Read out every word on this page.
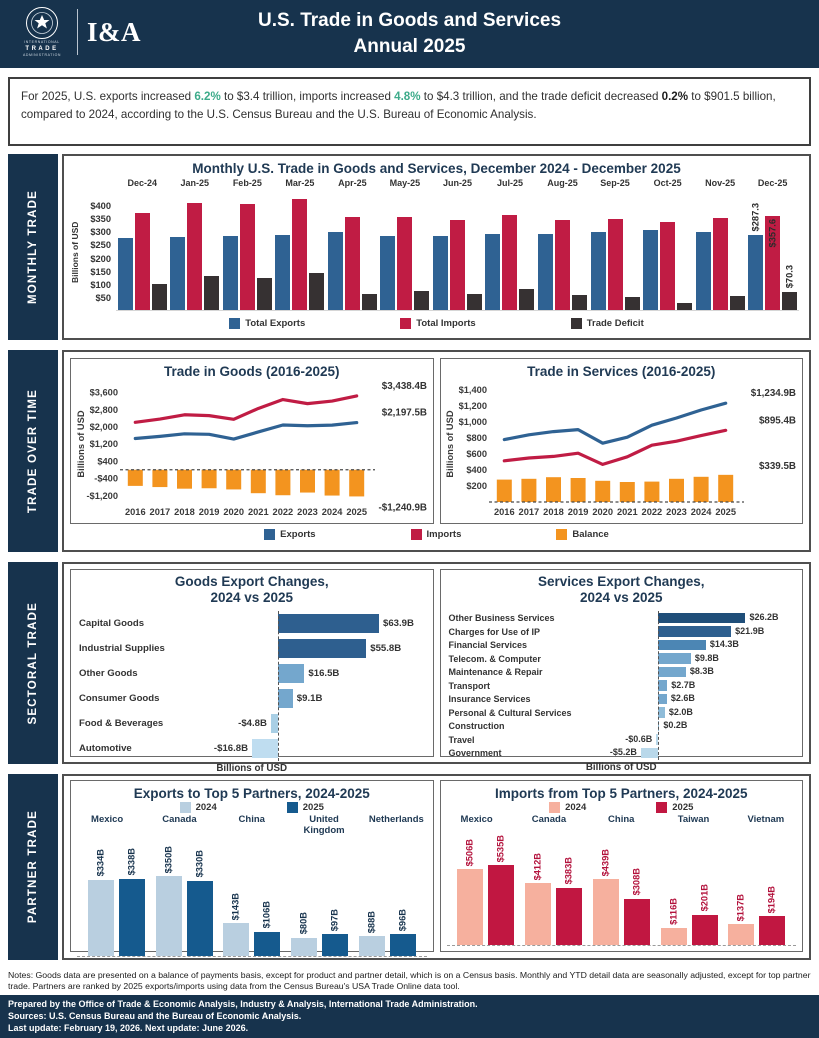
INTERNATIONAL
TRADE
ADMINISTRATION
I&A	U.S. Trade in Goods and Services
Annual 2025
For 2025, U.S. exports increased 6.2% to $3.4 trillion, imports increased 4.8% to $4.3 trillion, and the trade deficit decreased 0.2% to $901.5 billion, compared to 2024, according to the U.S. Census Bureau and the U.S. Bureau of Economic Analysis.
MONTHLY TRADE
Monthly U.S. Trade in Goods and Services, December 2024 - December 2025
Billions of USD
$400
$350
$300
$250
$200
$150
$100
$50
Dec-24	Jan-25	Feb-25	Mar-25	Apr-25	May-25	Jun-25	Jul-25	Aug-25	Sep-25	Oct-25	Nov-25	Dec-25
$287.3
$357.6
$70.3
Total Exports	Total Imports	Trade Deficit
TRADE OVER TIME
Trade in Goods (2016-2025)
$3,600
$2,800
$2,000
$1,200
$400
-$400
-$1,200
2016 2017 2018 2019 2020 2021 2022 2023 2024 2025
Billions of USD
$3,438.4B
$2,197.5B
-$1,240.9B
Trade in Services (2016-2025)
$1,400
$1,200
$1,000
$800
$600
$400
$200
2016 2017 2018 2019 2020 2021 2022 2023 2024 2025
Billions of USD	$895.4B
$1,234.9B
$339.5B
Exports	Imports	Balance
SECTORAL TRADE
Goods Export Changes,
2024 vs 2025
Capital Goods	$63.9B
Industrial Supplies	$55.8B
Other Goods	$16.5B
Consumer Goods	$9.1B
Food & Beverages	-$4.8B
Automotive	-$16.8B
Billions of USD
Services Export Changes,
2024 vs 2025
Other Business Services	$26.2B
Charges for Use of IP	$21.9B
Financial Services	$14.3B
Telecom. & Computer	$9.8B
Maintenance & Repair	$8.3B
Transport	$2.7B
Insurance Services	$2.6B
Personal & Cultural Services	$2.0B
Construction	$0.2B
Travel	-$0.6B
Government	-$5.2B
Billions of USD
PARTNER TRADE
Exports to Top 5 Partners, 2024-2025
2024	2025
Mexico	Canada	China	United Kingdom
Netherlands
$334B $338B	$350B $330B
$143B $106B	$80B $97B	$88B $96B
Imports from Top 5 Partners, 2024-2025
2024	2025
Mexico	Canada	China	Taiwan	Vietnam
$506B $535B
$412B $383B	$439B
$308B
$116B $201B	$137B $194B
Notes: Goods data are presented on a balance of payments basis, except for product and partner detail, which is on a Census basis. Monthly and YTD detail data are seasonally adjusted, except for top partner trade. Partners are ranked by 2025 exports/imports using data from the Census Bureau's USA Trade Online data tool.
Prepared by the Office of Trade & Economic Analysis, Industry & Analysis, International Trade Administration.
Sources: U.S. Census Bureau and the Bureau of Economic Analysis.
Last update: February 19, 2026. Next update: June 2026.
